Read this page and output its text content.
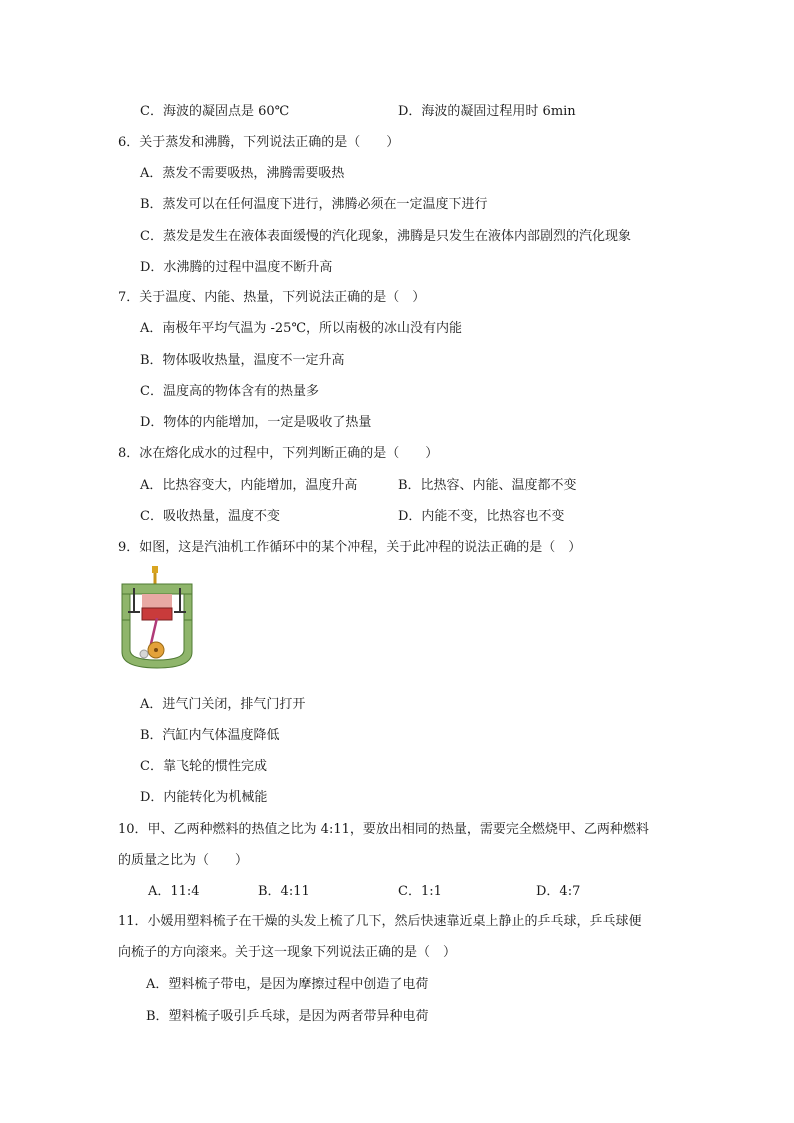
C．海波的凝固点是 60℃	D．海波的凝固过程用时 6min
6．关于蒸发和沸腾，下列说法正确的是（　　）
A．蒸发不需要吸热，沸腾需要吸热
B．蒸发可以在任何温度下进行，沸腾必须在一定温度下进行
C．蒸发是发生在液体表面缓慢的汽化现象，沸腾是只发生在液体内部剧烈的汽化现象
D．水沸腾的过程中温度不断升高
7．关于温度、内能、热量，下列说法正确的是（　）
A．南极年平均气温为 -25℃，所以南极的冰山没有内能
B．物体吸收热量，温度不一定升高
C．温度高的物体含有的热量多
D．物体的内能增加，一定是吸收了热量
8．冰在熔化成水的过程中，下列判断正确的是（　　）
A．比热容变大，内能增加，温度升高	B．比热容、内能、温度都不变
C．吸收热量，温度不变	D．内能不变，比热容也不变
9．如图，这是汽油机工作循环中的某个冲程，关于此冲程的说法正确的是（　）
A．进气门关闭，排气门打开
B．汽缸内气体温度降低
C．靠飞轮的惯性完成
D．内能转化为机械能
10．甲、乙两种燃料的热值之比为 4:11，要放出相同的热量，需要完全燃烧甲、乙两种燃料
的质量之比为（　　）
A．11:4	B．4:11	C．1:1	D．4:7
11．小媛用塑料梳子在干燥的头发上梳了几下，然后快速靠近桌上静止的乒乓球，乒乓球便
向梳子的方向滚来。关于这一现象下列说法正确的是（　）
A．塑料梳子带电，是因为摩擦过程中创造了电荷
B．塑料梳子吸引乒乓球，是因为两者带异种电荷
